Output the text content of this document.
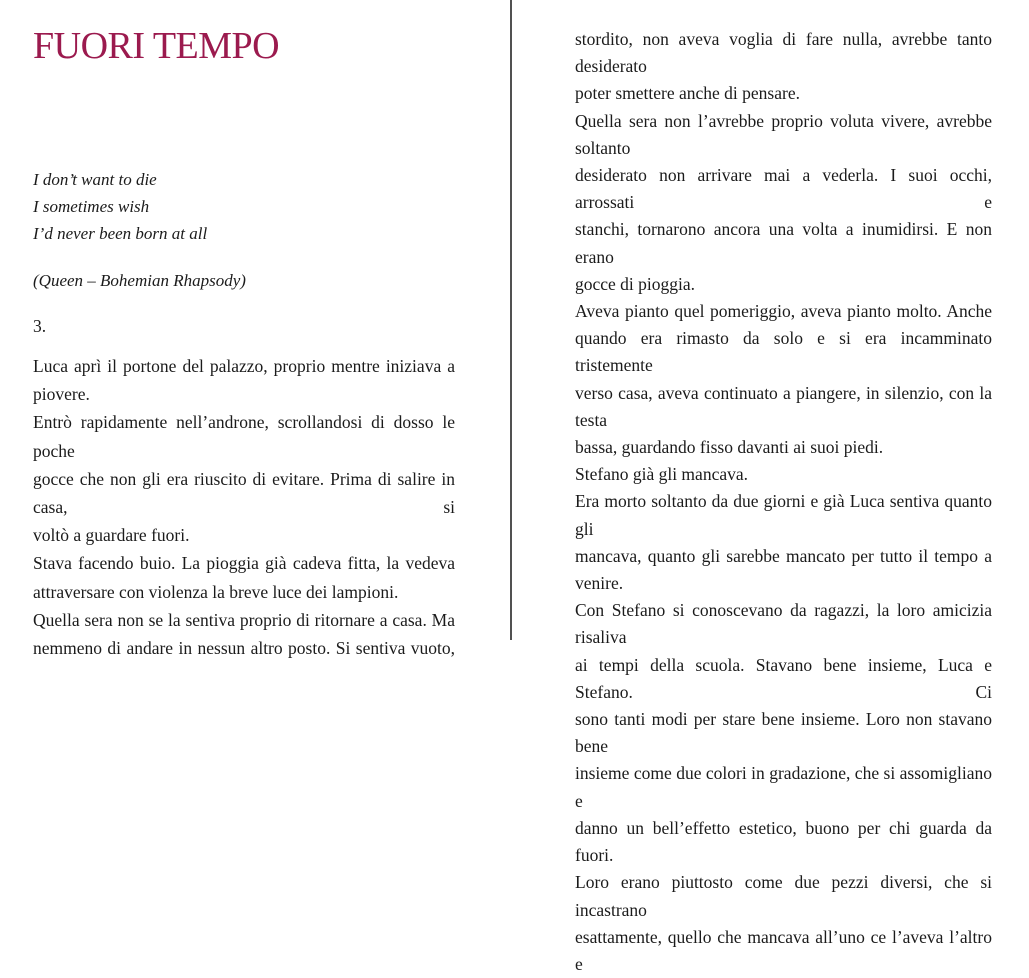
FUORI TEMPO
I don’t want to die
I sometimes wish
I’d never been born at all
(Queen – Bohemian Rhapsody)
3.
Luca aprì il portone del palazzo, proprio mentre iniziava a
piovere.
Entrò rapidamente nell’androne, scrollandosi di dosso le poche
gocce che non gli era riuscito di evitare. Prima di salire in casa, si
voltò a guardare fuori.
Stava facendo buio. La pioggia già cadeva fitta, la vedeva
attraversare con violenza la breve luce dei lampioni.
Quella sera non se la sentiva proprio di ritornare a casa. Ma
nemmeno di andare in nessun altro posto. Si sentiva vuoto,
stordito, non aveva voglia di fare nulla, avrebbe tanto desiderato
poter smettere anche di pensare.
Quella sera non l’avrebbe proprio voluta vivere, avrebbe soltanto
desiderato non arrivare mai a vederla. I suoi occhi, arrossati e
stanchi, tornarono ancora una volta a inumidirsi. E non erano
gocce di pioggia.
Aveva pianto quel pomeriggio, aveva pianto molto. Anche
quando era rimasto da solo e si era incamminato tristemente
verso casa, aveva continuato a piangere, in silenzio, con la testa
bassa, guardando fisso davanti ai suoi piedi.
Stefano già gli mancava.
Era morto soltanto da due giorni e già Luca sentiva quanto gli
mancava, quanto gli sarebbe mancato per tutto il tempo a
venire.
Con Stefano si conoscevano da ragazzi, la loro amicizia risaliva
ai tempi della scuola. Stavano bene insieme, Luca e Stefano. Ci
sono tanti modi per stare bene insieme. Loro non stavano bene
insieme come due colori in gradazione, che si assomigliano e
danno un bell’effetto estetico, buono per chi guarda da fuori.
Loro erano piuttosto come due pezzi diversi, che si incastrano
esattamente, quello che mancava all’uno ce l’aveva l’altro e
